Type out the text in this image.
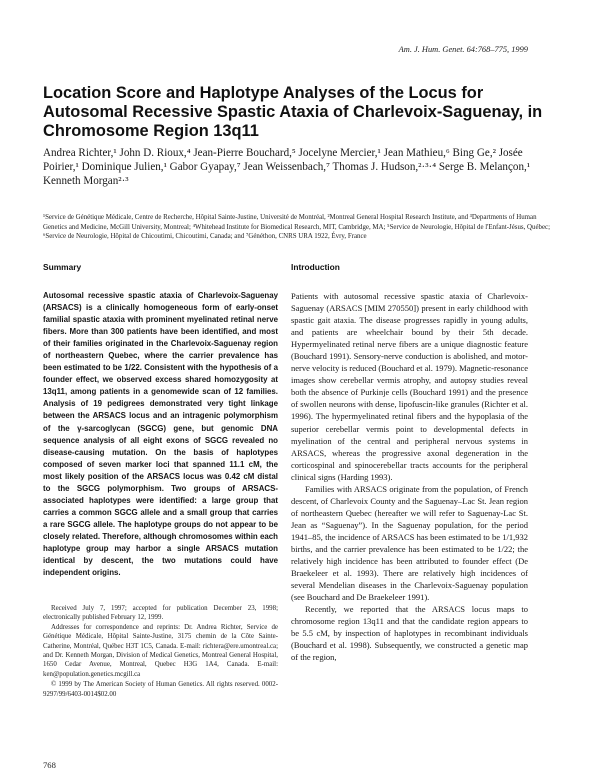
Am. J. Hum. Genet. 64:768–775, 1999
Location Score and Haplotype Analyses of the Locus for Autosomal Recessive Spastic Ataxia of Charlevoix-Saguenay, in Chromosome Region 13q11

Andrea Richter,¹ John D. Rioux,⁴ Jean-Pierre Bouchard,⁵ Jocelyne Mercier,¹ Jean Mathieu,⁶ Bing Ge,² Josée Poirier,¹ Dominique Julien,¹ Gabor Gyapay,⁷ Jean Weissenbach,⁷ Thomas J. Hudson,²·³·⁴ Serge B. Melançon,¹ Kenneth Morgan²·³

¹Service de Génétique Médicale, Centre de Recherche, Hôpital Sainte-Justine, Université de Montréal, ²Montreal General Hospital Research Institute, and ³Departments of Human Genetics and Medicine, McGill University, Montreal; ⁴Whitehead Institute for Biomedical Research, MIT, Cambridge, MA; ⁵Service de Neurologie, Hôpital de l'Enfant-Jésus, Québec; ⁶Service de Neurologie, Hôpital de Chicoutimi, Chicoutimi, Canada; and ⁷Généthon, CNRS URA 1922, Évry, France

Summary

Autosomal recessive spastic ataxia of Charlevoix-Saguenay (ARSACS) is a clinically homogeneous form of early-onset familial spastic ataxia with prominent myelinated retinal nerve fibers. More than 300 patients have been identified, and most of their families originated in the Charlevoix-Saguenay region of northeastern Quebec, where the carrier prevalence has been estimated to be 1/22. Consistent with the hypothesis of a founder effect, we observed excess shared homozygosity at 13q11, among patients in a genomewide scan of 12 families. Analysis of 19 pedigrees demonstrated very tight linkage between the ARSACS locus and an intragenic polymorphism of the γ-sarcoglycan (SGCG) gene, but genomic DNA sequence analysis of all eight exons of SGCG revealed no disease-causing mutation. On the basis of haplotypes composed of seven marker loci that spanned 11.1 cM, the most likely position of the ARSACS locus was 0.42 cM distal to the SGCG polymorphism. Two groups of ARSACS-associated haplotypes were identified: a large group that carries a common SGCG allele and a small group that carries a rare SGCG allele. The haplotype groups do not appear to be closely related. Therefore, although chromosomes within each haplotype group may harbor a single ARSACS mutation identical by descent, the two mutations could have independent origins.

Received July 7, 1997; accepted for publication December 23, 1998; electronically published February 12, 1999.

Addresses for correspondence and reprints: Dr. Andrea Richter, Service de Génétique Médicale, Hôpital Sainte-Justine, 3175 chemin de la Côte Sainte-Catherine, Montréal, Québec H3T 1C5, Canada. E-mail: richtera@ere.umontreal.ca; and Dr. Kenneth Morgan, Division of Medical Genetics, Montreal General Hospital, 1650 Cedar Avenue, Montreal, Quebec H3G 1A4, Canada. E-mail: ken@population.genetics.mcgill.ca

© 1999 by The American Society of Human Genetics. All rights reserved. 0002-9297/99/6403-0014$02.00

Introduction

Patients with autosomal recessive spastic ataxia of Charlevoix-Saguenay (ARSACS [MIM 270550]) present in early childhood with spastic gait ataxia. The disease progresses rapidly in young adults, and patients are wheelchair bound by their 5th decade. Hypermyelinated retinal nerve fibers are a unique diagnostic feature (Bouchard 1991). Sensory-nerve conduction is abolished, and motor-nerve velocity is reduced (Bouchard et al. 1979). Magnetic-resonance images show cerebellar vermis atrophy, and autopsy studies reveal both the absence of Purkinje cells (Bouchard 1991) and the presence of swollen neurons with dense, lipofuscin-like granules (Richter et al. 1996). The hypermyelinated retinal fibers and the hypoplasia of the superior cerebellar vermis point to developmental defects in myelination of the central and peripheral nervous systems in ARSACS, whereas the progressive axonal degeneration in the corticospinal and spinocerebellar tracts accounts for the peripheral clinical signs (Harding 1993).

Families with ARSACS originate from the population, of French descent, of Charlevoix County and the Saguenay–Lac St. Jean region of northeastern Quebec (hereafter we will refer to Saguenay-Lac St. Jean as “Saguenay”). In the Saguenay population, for the period 1941–85, the incidence of ARSACS has been estimated to be 1/1,932 births, and the carrier prevalence has been estimated to be 1/22; the relatively high incidence has been attributed to founder effect (De Braekeleer et al. 1993). There are relatively high incidences of several Mendelian diseases in the Charlevoix-Saguenay population (see Bouchard and De Braekeleer 1991).

Recently, we reported that the ARSACS locus maps to chromosome region 13q11 and that the candidate region appears to be 5.5 cM, by inspection of haplotypes in recombinant individuals (Bouchard et al. 1998). Subsequently, we constructed a genetic map of the region,

768
